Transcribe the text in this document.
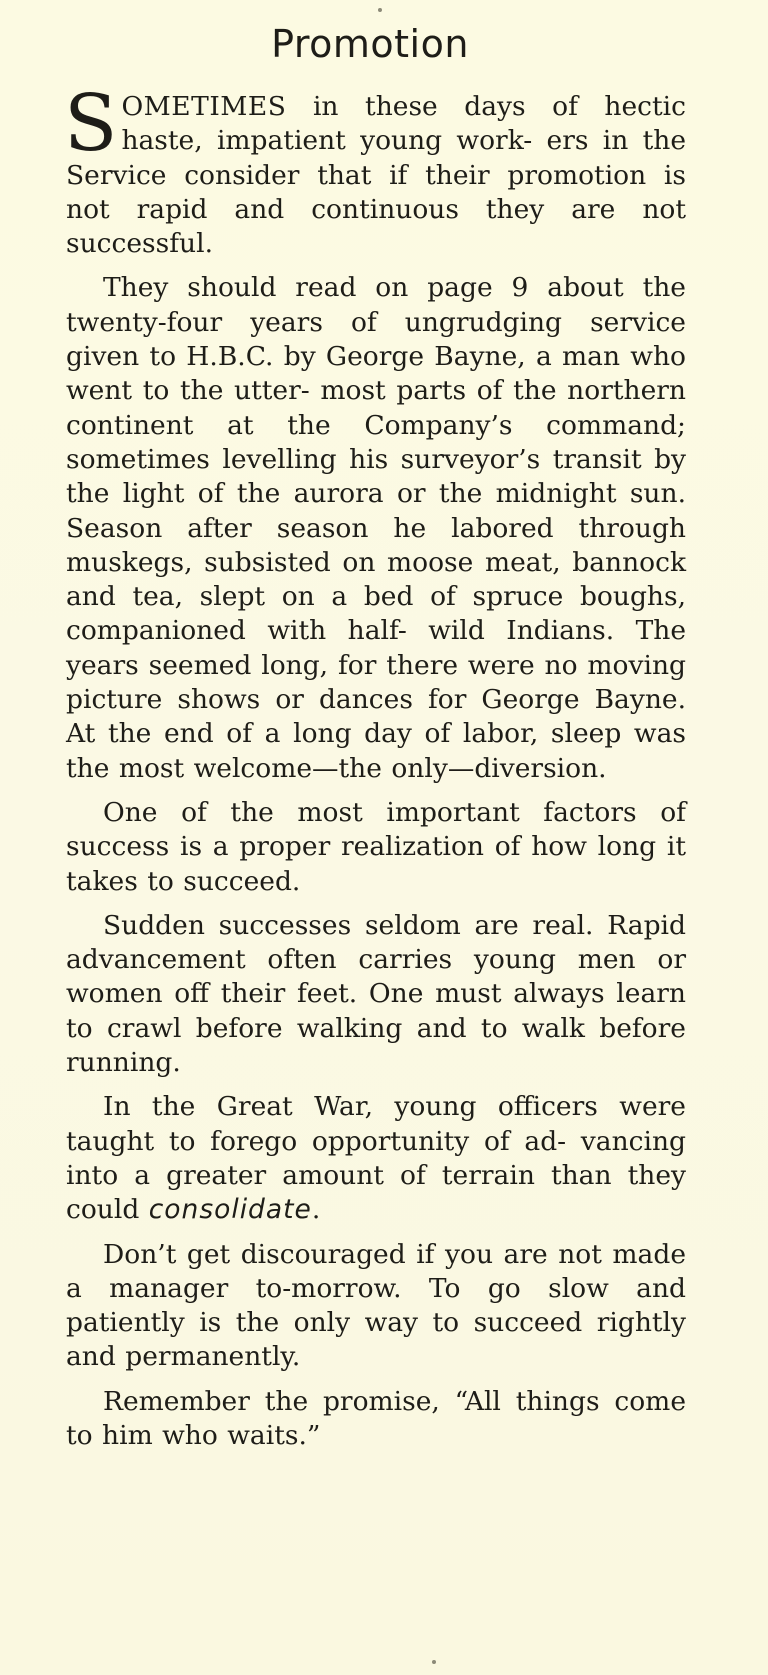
Promotion

SOMETIMES in these days of hectic haste, impatient young work- ers in the Service consider that if their promotion is not rapid and continuous they are not successful.

They should read on page 9 about the twenty-four years of ungrudging service given to H.B.C. by George Bayne, a man who went to the utter- most parts of the northern continent at the Company’s command; sometimes levelling his surveyor’s transit by the light of the aurora or the midnight sun. Season after season he labored through muskegs, subsisted on moose meat, bannock and tea, slept on a bed of spruce boughs, companioned with half- wild Indians. The years seemed long, for there were no moving picture shows or dances for George Bayne. At the end of a long day of labor, sleep was the most welcome—the only—diversion.

One of the most important factors of success is a proper realization of how long it takes to succeed.

Sudden successes seldom are real. Rapid advancement often carries young men or women off their feet. One must always learn to crawl before walking and to walk before running.

In the Great War, young officers were taught to forego opportunity of ad- vancing into a greater amount of terrain than they could consolidate.

Don’t get discouraged if you are not made a manager to-morrow. To go slow and patiently is the only way to succeed rightly and permanently.

Remember the promise, “All things come to him who waits.”
